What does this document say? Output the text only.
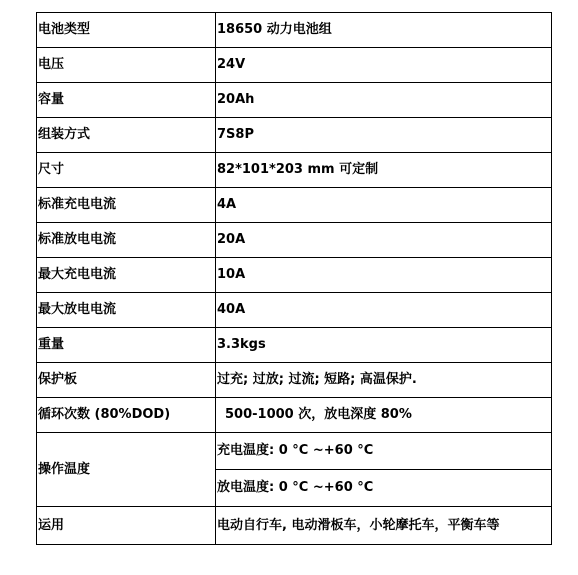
电池类型	18650 动力电池组
电压	24V
容量	20Ah
组装方式	7S8P
尺寸	82*101*203 mm 可定制
标准充电电流	4A
标准放电电流	20A
最大充电电流	10A
最大放电电流	40A
重量	3.3kgs
保护板	过充; 过放; 过流; 短路; 高温保护.
循环次数 (80%DOD)	500-1000 次，放电深度 80%
操作温度	充电温度: 0 °C ~+60 °C
	放电温度: 0 °C ~+60 °C
运用	电动自行车, 电动滑板车，小轮摩托车，平衡车等
